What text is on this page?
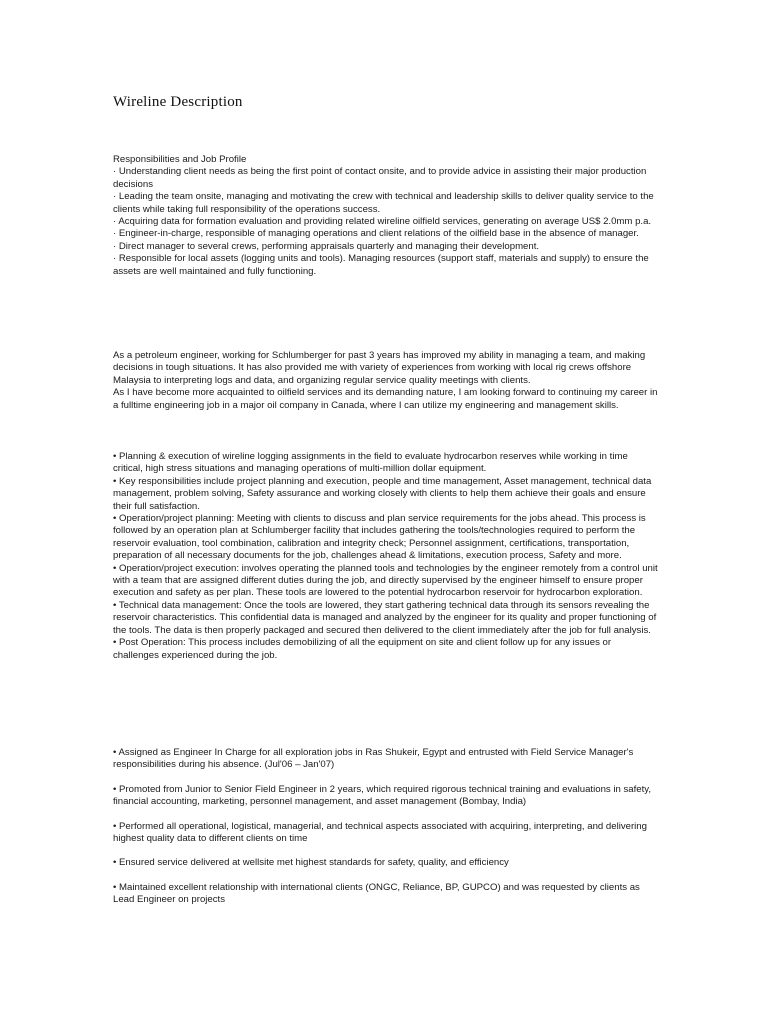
Wireline Description

Responsibilities and Job Profile

· Understanding client needs as being the first point of contact onsite, and to provide advice in assisting their major production decisions

· Leading the team onsite, managing and motivating the crew with technical and leadership skills to deliver quality service to the clients while taking full responsibility of the operations success.

· Acquiring data for formation evaluation and providing related wireline oilfield services, generating on average US$ 2.0mm p.a.

· Engineer-in-charge, responsible of managing operations and client relations of the oilfield base in the absence of manager.

· Direct manager to several crews, performing appraisals quarterly and managing their development.

· Responsible for local assets (logging units and tools). Managing resources (support staff, materials and supply) to ensure the assets are well maintained and fully functioning.

As a petroleum engineer, working for Schlumberger for past 3 years has improved my ability in managing a team, and making decisions in tough situations. It has also provided me with variety of experiences from working with local rig crews offshore Malaysia to interpreting logs and data, and organizing regular service quality meetings with clients.

As I have become more acquainted to oilfield services and its demanding nature, I am looking forward to continuing my career in a fulltime engineering job in a major oil company in Canada, where I can utilize my engineering and management skills.

• Planning & execution of wireline logging assignments in the field to evaluate hydrocarbon reserves while working in time critical, high stress situations and managing operations of multi-million dollar equipment.

• Key responsibilities include project planning and execution, people and time management, Asset management, technical data management, problem solving, Safety assurance and working closely with clients to help them achieve their goals and ensure their full satisfaction.

• Operation/project planning: Meeting with clients to discuss and plan service requirements for the jobs ahead. This process is followed by an operation plan at Schlumberger facility that includes gathering the tools/technologies required to perform the reservoir evaluation, tool combination, calibration and integrity check; Personnel assignment, certifications, transportation, preparation of all necessary documents for the job, challenges ahead & limitations, execution process, Safety and more.

• Operation/project execution: involves operating the planned tools and technologies by the engineer remotely from a control unit with a team that are assigned different duties during the job, and directly supervised by the engineer himself to ensure proper execution and safety as per plan. These tools are lowered to the potential hydrocarbon reservoir for hydrocarbon exploration.

• Technical data management: Once the tools are lowered, they start gathering technical data through its sensors revealing the reservoir characteristics. This confidential data is managed and analyzed by the engineer for its quality and proper functioning of the tools. The data is then properly packaged and secured then delivered to the client immediately after the job for full analysis.

• Post Operation: This process includes demobilizing of all the equipment on site and client follow up for any issues or challenges experienced during the job.

• Assigned as Engineer In Charge for all exploration jobs in Ras Shukeir, Egypt and entrusted with Field Service Manager's responsibilities during his absence. (Jul'06 – Jan'07)

• Promoted from Junior to Senior Field Engineer in 2 years, which required rigorous technical training and evaluations in safety, financial accounting, marketing, personnel management, and asset management (Bombay, India)

• Performed all operational, logistical, managerial, and technical aspects associated with acquiring, interpreting, and delivering highest quality data to different clients on time

• Ensured service delivered at wellsite met highest standards for safety, quality, and efficiency

• Maintained excellent relationship with international clients (ONGC, Reliance, BP, GUPCO) and was requested by clients as Lead Engineer on projects
